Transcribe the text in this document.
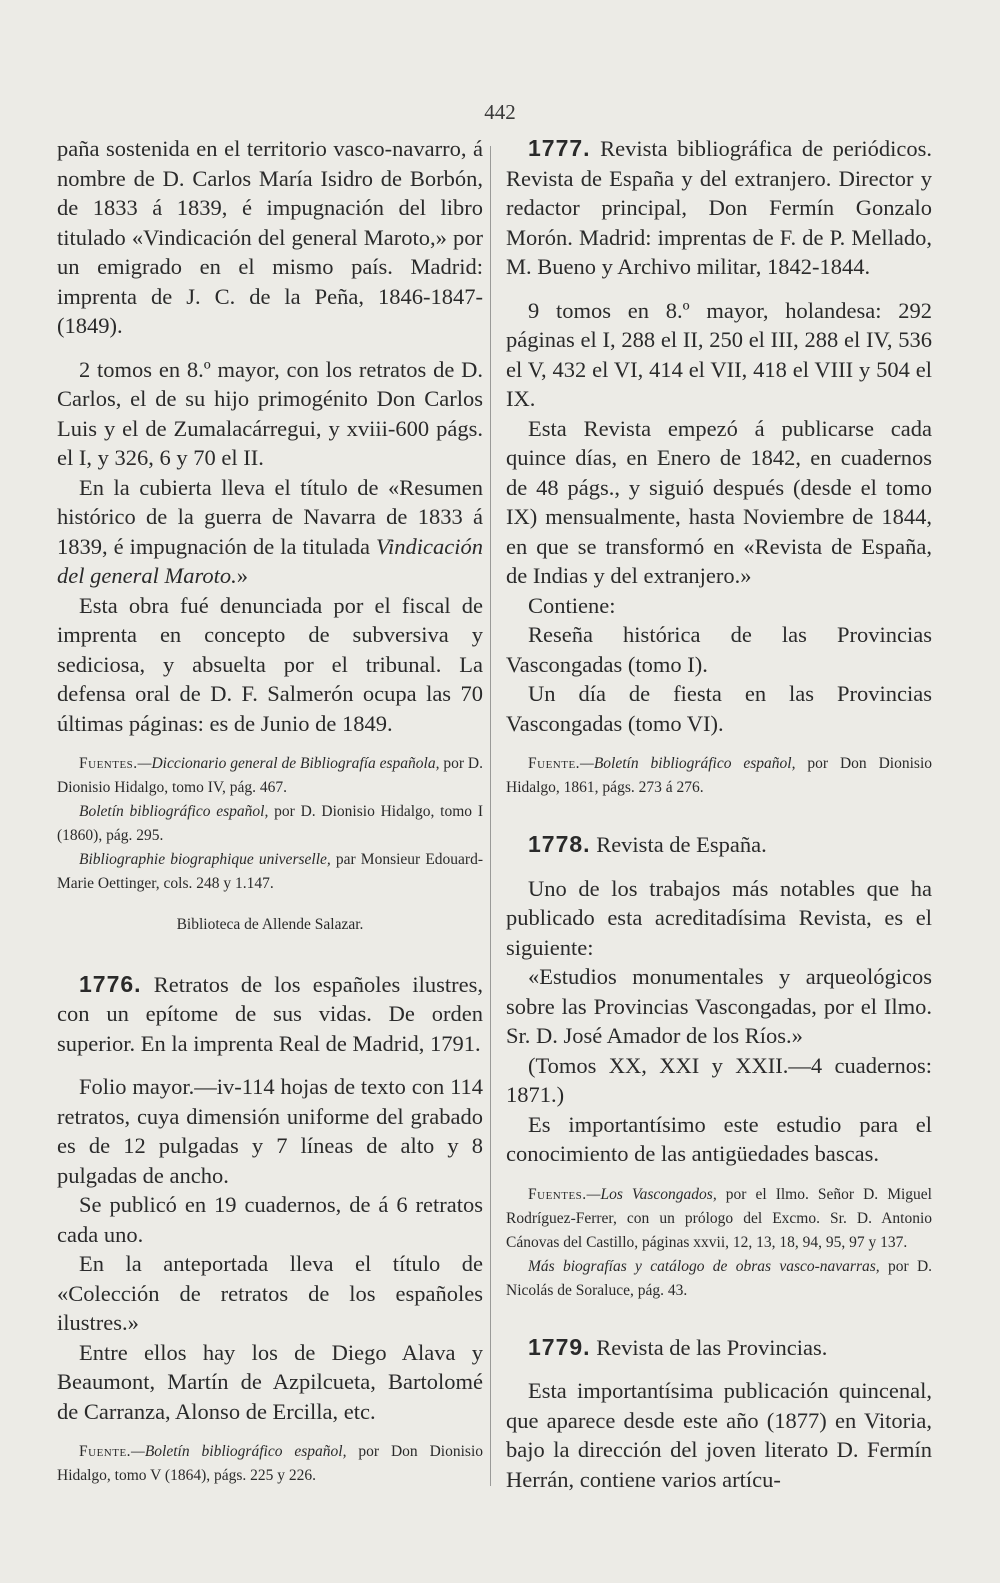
442

paña sostenida en el territorio vasco-navarro, á nombre de D. Carlos María Isidro de Borbón, de 1833 á 1839, é impugnación del libro titulado «Vindicación del general Maroto,» por un emigrado en el mismo país. Madrid: imprenta de J. C. de la Peña, 1846-1847-(1849).

2 tomos en 8.º mayor, con los retratos de D. Carlos, el de su hijo primogénito Don Carlos Luis y el de Zumalacárregui, y xviii-600 págs. el I, y 326, 6 y 70 el II.

En la cubierta lleva el título de «Resumen histórico de la guerra de Navarra de 1833 á 1839, é impugnación de la titulada Vindicación del general Maroto.»

Esta obra fué denunciada por el fiscal de imprenta en concepto de subversiva y sediciosa, y absuelta por el tribunal. La defensa oral de D. F. Salmerón ocupa las 70 últimas páginas: es de Junio de 1849.

Fuentes.—Diccionario general de Bibliografía española, por D. Dionisio Hidalgo, tomo IV, pág. 467.

Boletín bibliográfico español, por D. Dionisio Hidalgo, tomo I (1860), pág. 295.

Bibliographie biographique universelle, par Monsieur Edouard-Marie Oettinger, cols. 248 y 1.147.

Biblioteca de Allende Salazar.

1776. Retratos de los españoles ilustres, con un epítome de sus vidas. De orden superior. En la imprenta Real de Madrid, 1791.

Folio mayor.—iv-114 hojas de texto con 114 retratos, cuya dimensión uniforme del grabado es de 12 pulgadas y 7 líneas de alto y 8 pulgadas de ancho.

Se publicó en 19 cuadernos, de á 6 retratos cada uno.

En la anteportada lleva el título de «Colección de retratos de los españoles ilustres.»

Entre ellos hay los de Diego Alava y Beaumont, Martín de Azpilcueta, Bartolomé de Carranza, Alonso de Ercilla, etc.

Fuente.—Boletín bibliográfico español, por Don Dionisio Hidalgo, tomo V (1864), págs. 225 y 226.

1777. Revista bibliográfica de periódicos. Revista de España y del extranjero. Director y redactor principal, Don Fermín Gonzalo Morón. Madrid: imprentas de F. de P. Mellado, M. Bueno y Archivo militar, 1842-1844.

9 tomos en 8.º mayor, holandesa: 292 páginas el I, 288 el II, 250 el III, 288 el IV, 536 el V, 432 el VI, 414 el VII, 418 el VIII y 504 el IX.

Esta Revista empezó á publicarse cada quince días, en Enero de 1842, en cuadernos de 48 págs., y siguió después (desde el tomo IX) mensualmente, hasta Noviembre de 1844, en que se transformó en «Revista de España, de Indias y del extranjero.»

Contiene:

Reseña histórica de las Provincias Vascongadas (tomo I).

Un día de fiesta en las Provincias Vascongadas (tomo VI).

Fuente.—Boletín bibliográfico español, por Don Dionisio Hidalgo, 1861, págs. 273 á 276.

1778. Revista de España.

Uno de los trabajos más notables que ha publicado esta acreditadísima Revista, es el siguiente:

«Estudios monumentales y arqueológicos sobre las Provincias Vascongadas, por el Ilmo. Sr. D. José Amador de los Ríos.»

(Tomos XX, XXI y XXII.—4 cuadernos: 1871.)

Es importantísimo este estudio para el conocimiento de las antigüedades bascas.

Fuentes.—Los Vascongados, por el Ilmo. Señor D. Miguel Rodríguez-Ferrer, con un prólogo del Excmo. Sr. D. Antonio Cánovas del Castillo, páginas xxvii, 12, 13, 18, 94, 95, 97 y 137.

Más biografías y catálogo de obras vasco-navarras, por D. Nicolás de Soraluce, pág. 43.

1779. Revista de las Provincias.

Esta importantísima publicación quincenal, que aparece desde este año (1877) en Vitoria, bajo la dirección del joven literato D. Fermín Herrán, contiene varios artícu-
